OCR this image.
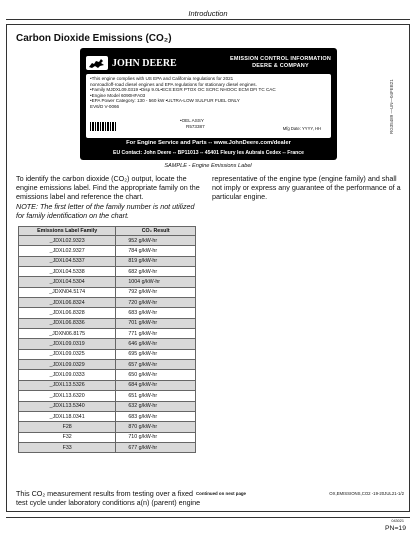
Introduction
Carbon Dioxide Emissions (CO₂)
JOHN DEERE	EMISSION CONTROL INFORMATION
DEERE & COMPANY
•This engine complies with US EPA and California regulations for 2021
nonroad/off-road diesel engines and EPA regulations for stationary diesel engines.
•Family MJDXL09.0319 •Disp 9.0L•ECS:EGR PTOX OC SCRC NHOOC ECM DFI TC CAC
•Engine Model 6090HFA03
•EPA Power Category: 130 - 560 kW •ULTRA-LOW SULFUR FUEL ONLY
EV6/D V-0066
•OEL ASSY
R573387	Mfg Date: YYYY, HH
For Engine Service and Parts -- www.JohnDeere.com/dealer
EU Contact: John Deere -- BP11013 -- 45401 Fleury les Aubrais Cedex -- France
RG35489 —UN—04FEB21
SAMPLE - Engine Emissions Label
To identify the carbon dioxide (CO₂) output, locate the engine emissions label. Find the appropriate family on the emissions label and reference the chart.
representative of the engine type (engine family) and shall not imply or express any guarantee of the performance of a particular engine.
NOTE: The first letter of the family number is not utilized for family identification on the chart.
Emissions Label Family	CO₂ Result
_JDXL02.9323	952 g/kW-hr
_JDXL02.9327	784 g/kW-hr
_JDXL04.5337	819 g/kW-hr
_JDXL04.5338	682 g/kW-hr
_JDXL04.5304	1004 g/kW-hr
_JDXN04.5174	792 g/kW-hr
_JDXL06.8324	720 g/kW-hr
_JDXL06.8328	683 g/kW-hr
_JDXL06.8336	701 g/kW-hr
_JDXN06.8175	771 g/kW-hr
_JDXL09.0319	646 g/kW-hr
_JDXL09.0325	695 g/kW-hr
_JDXL09.0329	657 g/kW-hr
_JDXL09.0333	650 g/kW-hr
_JDXL13.5326	684 g/kW-hr
_JDXL13.6320	651 g/kW-hr
_JDXL13.5340	632 g/kW-hr
_JDXL18.0341	683 g/kW-hr
F28	870 g/kW-hr
F32	710 g/kW-hr
F33	677 g/kW-hr
This CO₂ measurement results from testing over a fixed test cycle under laboratory conditions a(n) (parent) engine
Continued on next page	OX,EMISSIONS,CO2 -19-20JUL21-1/2
043021
PN=19
